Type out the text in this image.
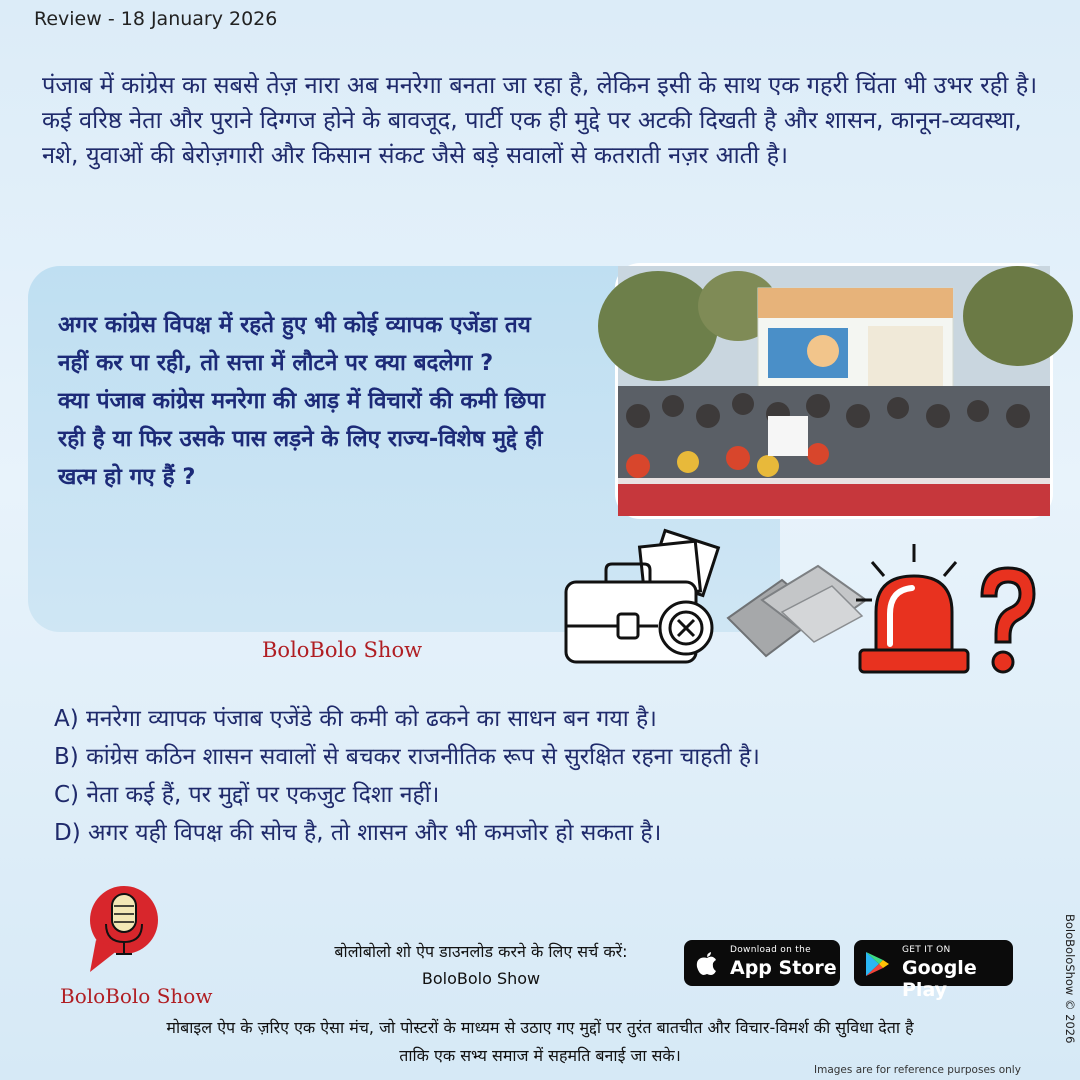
Review - 18 January 2026
पंजाब में कांग्रेस का सबसे तेज़ नारा अब मनरेगा बनता जा रहा है, लेकिन इसी के साथ एक गहरी चिंता भी उभर रही है। कई वरिष्ठ नेता और पुराने दिग्गज होने के बावजूद, पार्टी एक ही मुद्दे पर अटकी दिखती है और शासन, कानून-व्यवस्था, नशे, युवाओं की बेरोज़गारी और किसान संकट जैसे बड़े सवालों से कतराती नज़र आती है।
अगर कांग्रेस विपक्ष में रहते हुए भी कोई व्यापक एजेंडा तय नहीं कर पा रही, तो सत्ता में लौटने पर क्या बदलेगा ?
क्या पंजाब कांग्रेस मनरेगा की आड़ में विचारों की कमी छिपा रही है या फिर उसके पास लड़ने के लिए राज्य-विशेष मुद्दे ही खत्म हो गए हैं ?
BoloBolo Show
A) मनरेगा व्यापक पंजाब एजेंडे की कमी को ढकने का साधन बन गया है।
B) कांग्रेस कठिन शासन सवालों से बचकर राजनीतिक रूप से सुरक्षित रहना चाहती है।
C) नेता कई हैं, पर मुद्दों पर एकजुट दिशा नहीं।
D) अगर यही विपक्ष की सोच है, तो शासन और भी कमजोर हो सकता है।
BoloBolo Show
बोलोबोलो शो ऐप डाउनलोड करने के लिए सर्च करें:
BoloBolo Show
Download on the
App Store
GET IT ON
Google Play
मोबाइल ऐप के ज़रिए एक ऐसा मंच, जो पोस्टरों के माध्यम से उठाए गए मुद्दों पर तुरंत बातचीत और विचार-विमर्श की सुविधा देता है
ताकि एक सभ्य समाज में सहमति बनाई जा सके।
BoloBoloShow © 2026
Images are for reference purposes only
